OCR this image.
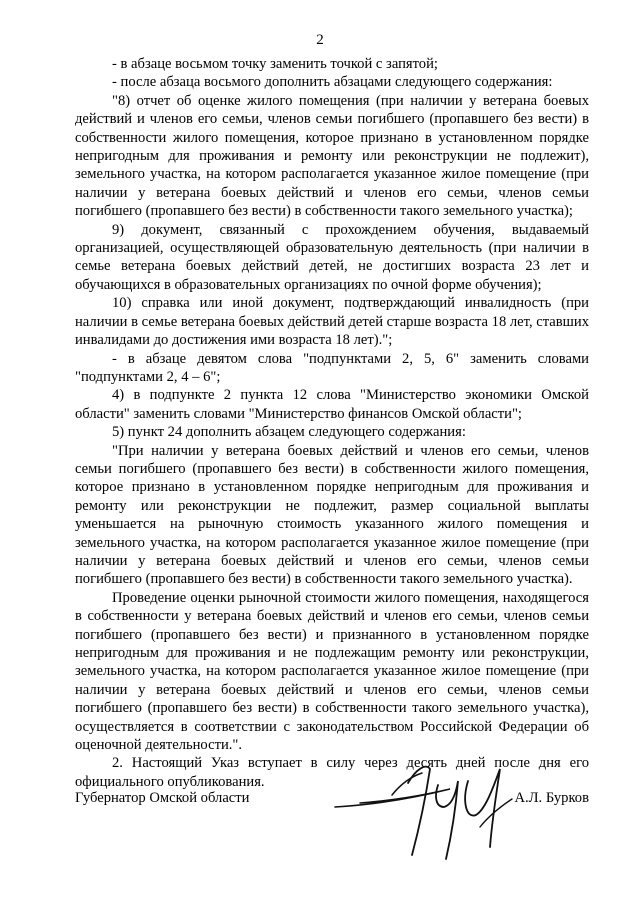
2

- в абзаце восьмом точку заменить точкой с запятой;

- после абзаца восьмого дополнить абзацами следующего содержания:

"8) отчет об оценке жилого помещения (при наличии у ветерана боевых действий и членов его семьи, членов семьи погибшего (пропавшего без вести) в собственности жилого помещения, которое признано в установленном порядке непригодным для проживания и ремонту или реконструкции не подлежит), земельного участка, на котором располагается указанное жилое помещение (при наличии у ветерана боевых действий и членов его семьи, членов семьи погибшего (пропавшего без вести) в собственности такого земельного участка);

9) документ, связанный с прохождением обучения, выдаваемый организацией, осуществляющей образовательную деятельность (при наличии в семье ветерана боевых действий детей, не достигших возраста 23 лет и обучающихся в образовательных организациях по очной форме обучения);

10) справка или иной документ, подтверждающий инвалидность (при наличии в семье ветерана боевых действий детей старше возраста 18 лет, ставших инвалидами до достижения ими возраста 18 лет).";

- в абзаце девятом слова "подпунктами 2, 5, 6" заменить словами "подпунктами 2, 4 – 6";

4) в подпункте 2 пункта 12 слова "Министерство экономики Омской области" заменить словами "Министерство финансов Омской области";

5) пункт 24 дополнить абзацем следующего содержания:

"При наличии у ветерана боевых действий и членов его семьи, членов семьи погибшего (пропавшего без вести) в собственности жилого помещения, которое признано в установленном порядке непригодным для проживания и ремонту или реконструкции не подлежит, размер социальной выплаты уменьшается на рыночную стоимость указанного жилого помещения и земельного участка, на котором располагается указанное жилое помещение (при наличии у ветерана боевых действий и членов его семьи, членов семьи погибшего (пропавшего без вести) в собственности такого земельного участка).

Проведение оценки рыночной стоимости жилого помещения, находящегося в собственности у ветерана боевых действий и членов его семьи, членов семьи погибшего (пропавшего без вести) и признанного в установленном порядке непригодным для проживания и не подлежащим ремонту или реконструкции, земельного участка, на котором располагается указанное жилое помещение (при наличии у ветерана боевых действий и членов его семьи, членов семьи погибшего (пропавшего без вести) в собственности такого земельного участка), осуществляется в соответствии с законодательством Российской Федерации об оценочной деятельности.".

2. Настоящий Указ вступает в силу через десять дней после дня его официального опубликования.

Губернатор Омской области	А.Л. Бурков
